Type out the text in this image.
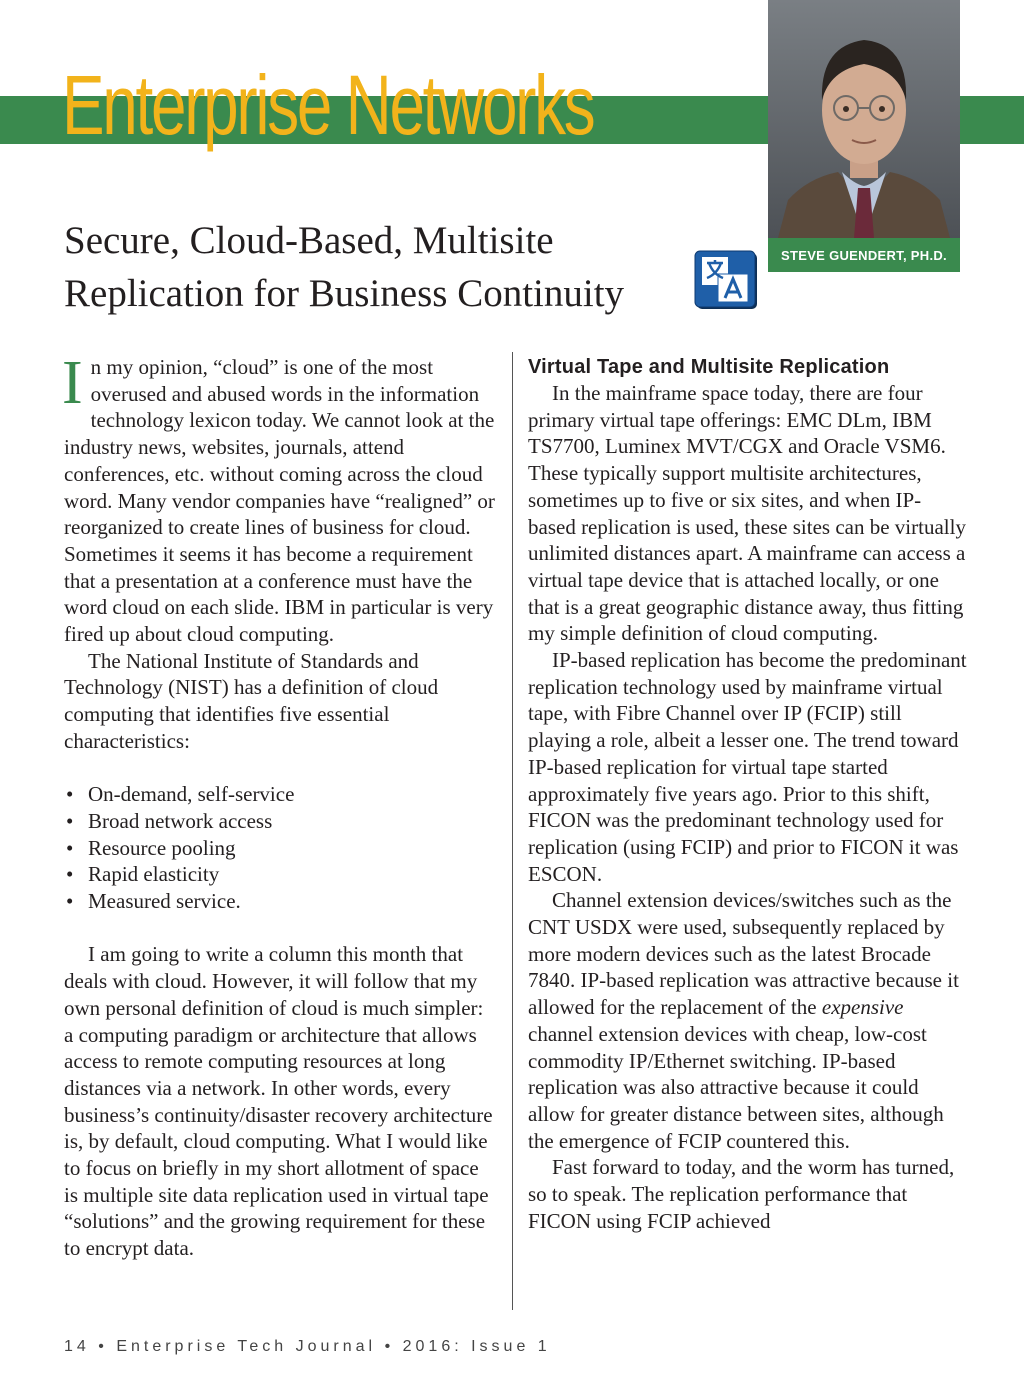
Enterprise Networks
STEVE GUENDERT, PH.D.
Secure, Cloud-Based, Multisite
Replication for Business Continuity
In my opinion, “cloud” is one of the most overused and abused words in the information technology lexicon today. We cannot look at the industry news, websites, journals, attend conferences, etc. without coming across the cloud word. Many vendor companies have “realigned” or reorganized to create lines of business for cloud. Sometimes it seems it has become a requirement that a presentation at a conference must have the word cloud on each slide. IBM in particular is very fired up about cloud computing.
The National Institute of Standards and Technology (NIST) has a definition of cloud computing that identifies five essential characteristics:
• On-demand, self-service
• Broad network access
• Resource pooling
• Rapid elasticity
• Measured service.
I am going to write a column this month that deals with cloud. However, it will follow that my own personal definition of cloud is much simpler: a computing paradigm or architecture that allows access to remote computing resources at long distances via a network. In other words, every business’s continuity/disaster recovery architecture is, by default, cloud computing. What I would like to focus on briefly in my short allotment of space is multiple site data replication used in virtual tape “solutions” and the growing requirement for these to encrypt data.
Virtual Tape and Multisite Replication
In the mainframe space today, there are four primary virtual tape offerings: EMC DLm, IBM TS7700, Luminex MVT/CGX and Oracle VSM6. These typically support multisite architectures, sometimes up to five or six sites, and when IP-based replication is used, these sites can be virtually unlimited distances apart. A mainframe can access a virtual tape device that is attached locally, or one that is a great geographic distance away, thus fitting my simple definition of cloud computing.
IP-based replication has become the predominant replication technology used by mainframe virtual tape, with Fibre Channel over IP (FCIP) still playing a role, albeit a lesser one. The trend toward IP-based replication for virtual tape started approximately five years ago. Prior to this shift, FICON was the predominant technology used for replication (using FCIP) and prior to FICON it was ESCON.
Channel extension devices/switches such as the CNT USDX were used, subsequently replaced by more modern devices such as the latest Brocade 7840. IP-based replication was attractive because it allowed for the replacement of the expensive channel extension devices with cheap, low-cost commodity IP/Ethernet switching. IP-based replication was also attractive because it could allow for greater distance between sites, although the emergence of FCIP countered this.
Fast forward to today, and the worm has turned, so to speak. The replication performance that FICON using FCIP achieved
14 • Enterprise Tech Journal • 2016: Issue 1
